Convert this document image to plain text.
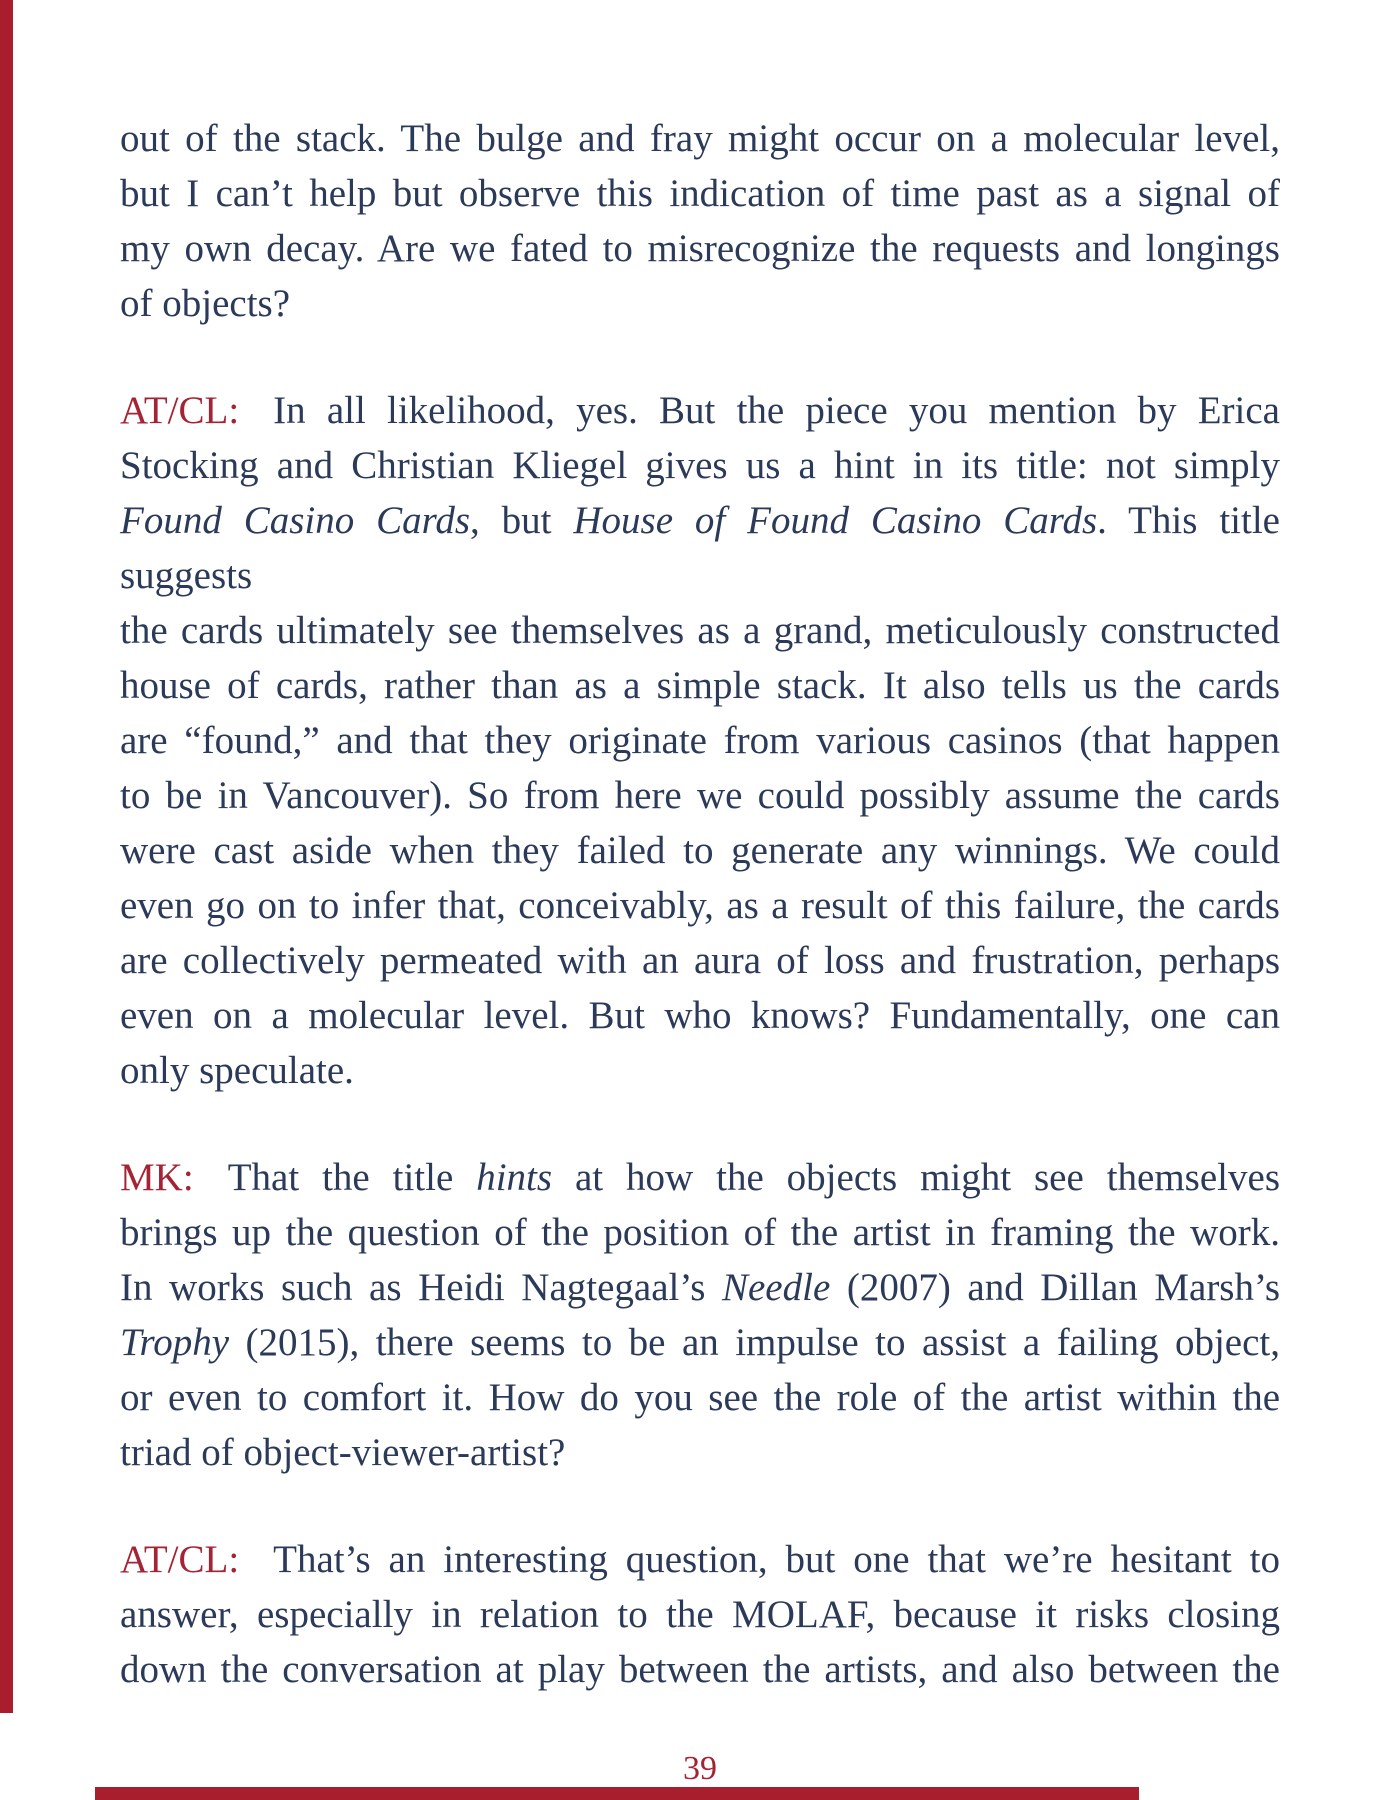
out of the stack. The bulge and fray might occur on a molecular level,
but I can’t help but observe this indication of time past as a signal of
my own decay. Are we fated to misrecognize the requests and longings
of objects?
AT/CL: In all likelihood, yes. But the piece you mention by Erica
Stocking and Christian Kliegel gives us a hint in its title: not simply
Found Casino Cards, but House of Found Casino Cards. This title suggests
the cards ultimately see themselves as a grand, meticulously constructed
house of cards, rather than as a simple stack. It also tells us the cards
are “found,” and that they originate from various casinos (that happen
to be in Vancouver). So from here we could possibly assume the cards
were cast aside when they failed to generate any winnings. We could
even go on to infer that, conceivably, as a result of this failure, the cards
are collectively permeated with an aura of loss and frustration, perhaps
even on a molecular level. But who knows? Fundamentally, one can
only speculate.
MK: That the title hints at how the objects might see themselves
brings up the question of the position of the artist in framing the work.
In works such as Heidi Nagtegaal’s Needle (2007) and Dillan Marsh’s
Trophy (2015), there seems to be an impulse to assist a failing object,
or even to comfort it. How do you see the role of the artist within the
triad of object-viewer-artist?
AT/CL: That’s an interesting question, but one that we’re hesitant to
answer, especially in relation to the MOLAF, because it risks closing
down the conversation at play between the artists, and also between the
39
